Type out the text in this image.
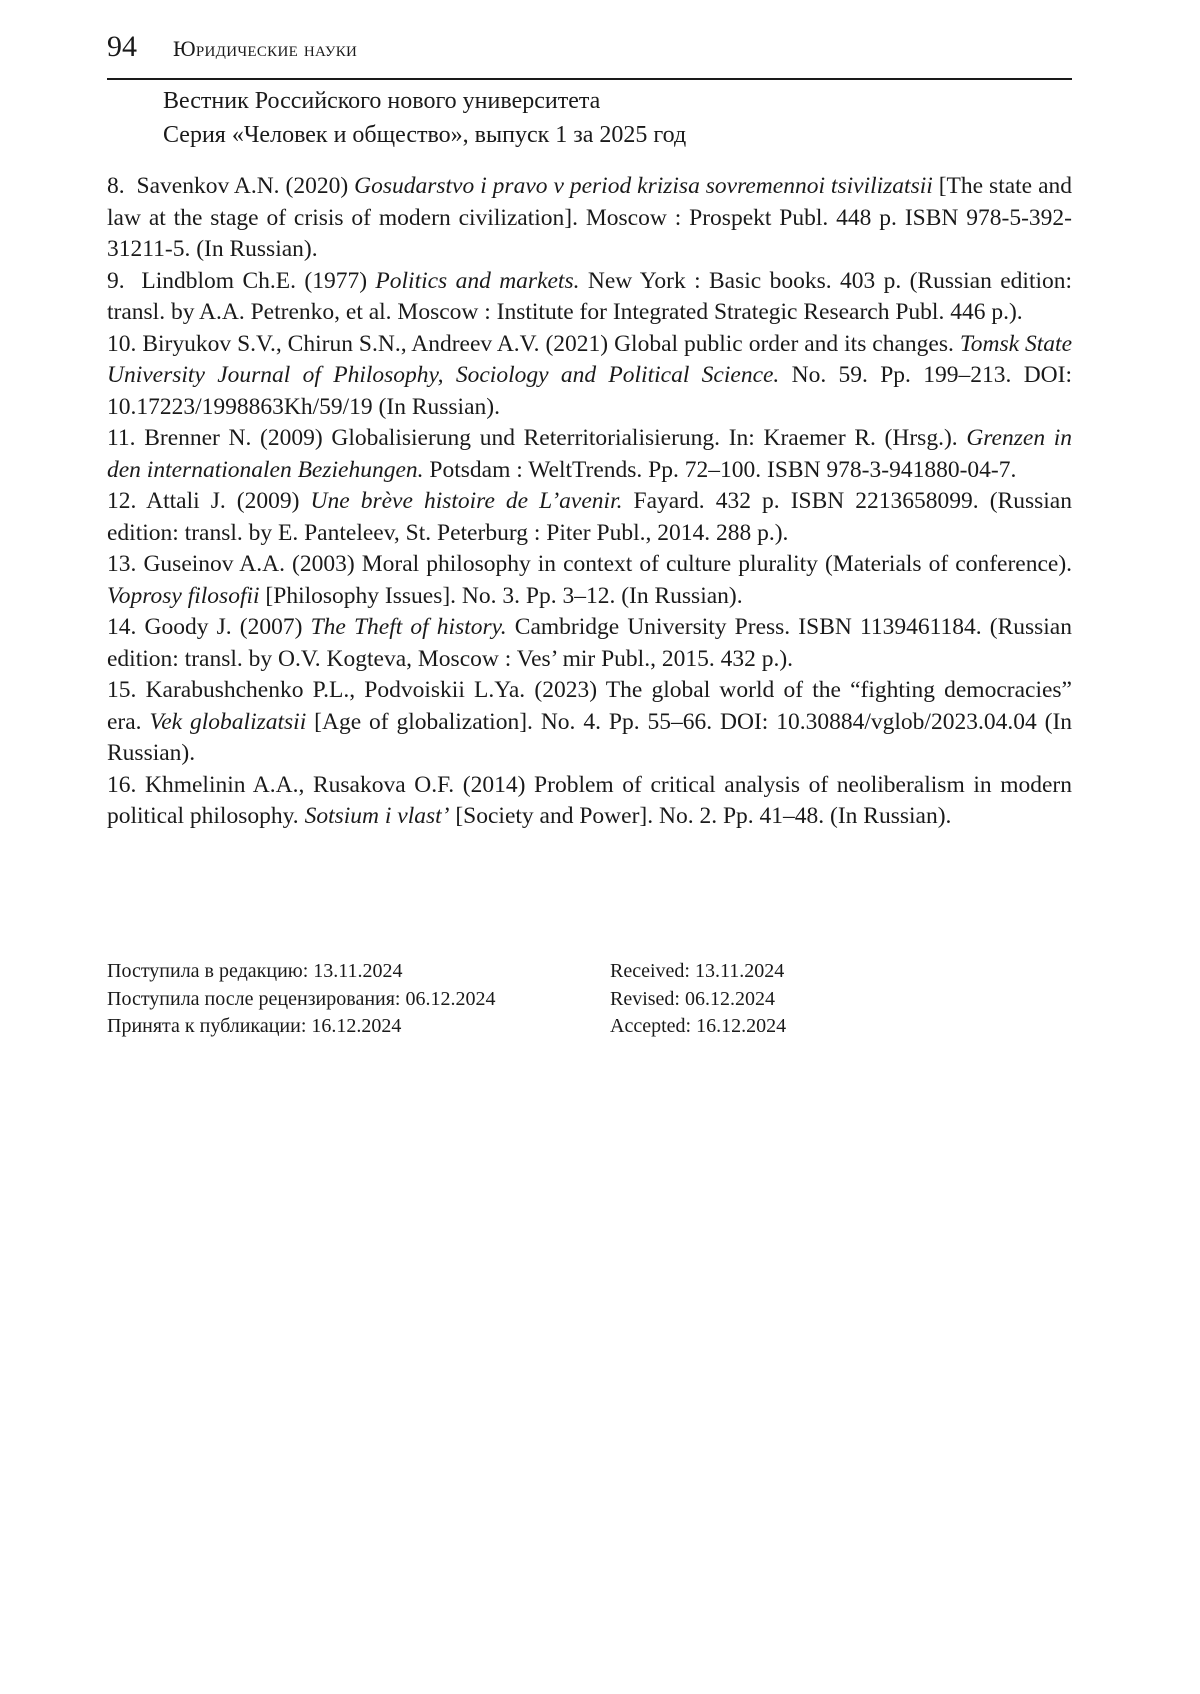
94 Юридические науки
Вестник Российского нового университета
Серия «Человек и общество», выпуск 1 за 2025 год
8. Savenkov A.N. (2020) Gosudarstvo i pravo v period krizisa sovremennoi tsivilizatsii [The state and law at the stage of crisis of modern civilization]. Moscow : Prospekt Publ. 448 p. ISBN 978-5-392-31211-5. (In Russian).
9. Lindblom Ch.E. (1977) Politics and markets. New York : Basic books. 403 p. (Russian edition: transl. by A.A. Petrenko, et al. Moscow : Institute for Integrated Strategic Research Publ. 446 p.).
10. Biryukov S.V., Chirun S.N., Andreev A.V. (2021) Global public order and its changes. Tomsk State University Journal of Philosophy, Sociology and Political Science. No. 59. Pp. 199–213. DOI: 10.17223/1998863Kh/59/19 (In Russian).
11. Brenner N. (2009) Globalisierung und Reterritorialisierung. In: Kraemer R. (Hrsg.). Grenzen in den internationalen Beziehungen. Potsdam : WeltTrends. Pp. 72–100. ISBN 978-3-941880-04-7.
12. Attali J. (2009) Une brève histoire de L’avenir. Fayard. 432 p. ISBN 2213658099. (Russian edition: transl. by E. Panteleev, St. Peterburg : Piter Publ., 2014. 288 p.).
13. Guseinov A.A. (2003) Moral philosophy in context of culture plurality (Materials of conference). Voprosy filosofii [Philosophy Issues]. No. 3. Pp. 3–12. (In Russian).
14. Goody J. (2007) The Theft of history. Cambridge University Press. ISBN 1139461184. (Russian edition: transl. by O.V. Kogteva, Moscow : Ves’ mir Publ., 2015. 432 p.).
15. Karabushchenko P.L., Podvoiskii L.Ya. (2023) The global world of the “fighting democracies” era. Vek globalizatsii [Age of globalization]. No. 4. Pp. 55–66. DOI: 10.30884/vglob/2023.04.04 (In Russian).
16. Khmelinin A.A., Rusakova O.F. (2014) Problem of critical analysis of neoliberalism in modern political philosophy. Sotsium i vlast’ [Society and Power]. No. 2. Pp. 41–48. (In Russian).
Поступила в редакцию: 13.11.2024
Поступила после рецензирования: 06.12.2024
Принята к публикации: 16.12.2024
Received: 13.11.2024
Revised: 06.12.2024
Accepted: 16.12.2024
